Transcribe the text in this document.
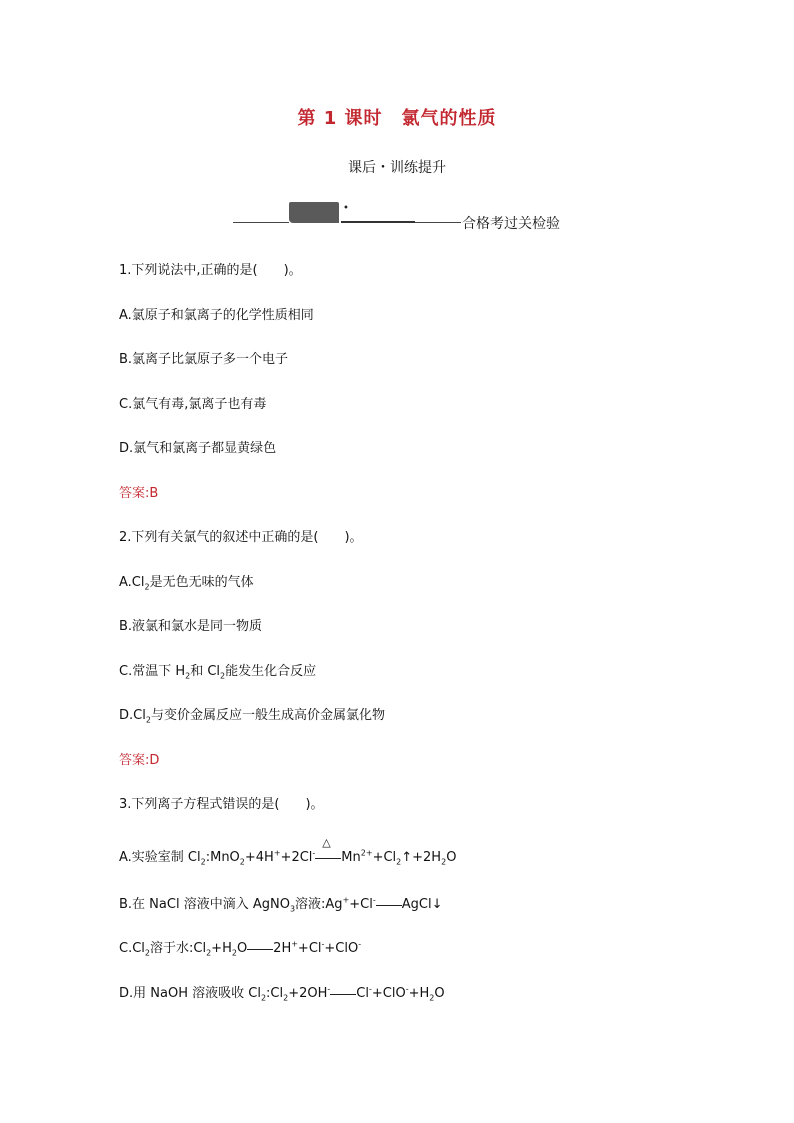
第 1 课时　氯气的性质
课后・训练提升
•
合格考过关检验
1.下列说法中,正确的是(　　)。
A.氯原子和氯离子的化学性质相同
B.氯离子比氯原子多一个电子
C.氯气有毒,氯离子也有毒
D.氯气和氯离子都显黄绿色
答案:B
2.下列有关氯气的叙述中正确的是(　　)。
$A.Cl_2$是无色无味的气体
B.液氯和氯水是同一物质
C.常温下 $H_2$和 $Cl_2$能发生化合反应
$D.Cl_2$与变价金属反应一般生成高价金属氯化物
答案:D
3.下列离子方程式错误的是(　　)。
A.实验室制 $Cl_2:MnO_2+4H^++2Cl^-$
△
$Mn^{2+}+Cl_2↑+2H_2O$
B.在 NaCl 溶液中滴入 AgNO$_3$溶液:Ag++Cl- AgCl↓
$C.Cl_2$溶于水$:Cl_2+H_2O$ 2H++Cl-+ClO-
D.用 NaOH 溶液吸收 $Cl_2:Cl_2+2OH^-$ $Cl^-+ClO^-+H_2O$
